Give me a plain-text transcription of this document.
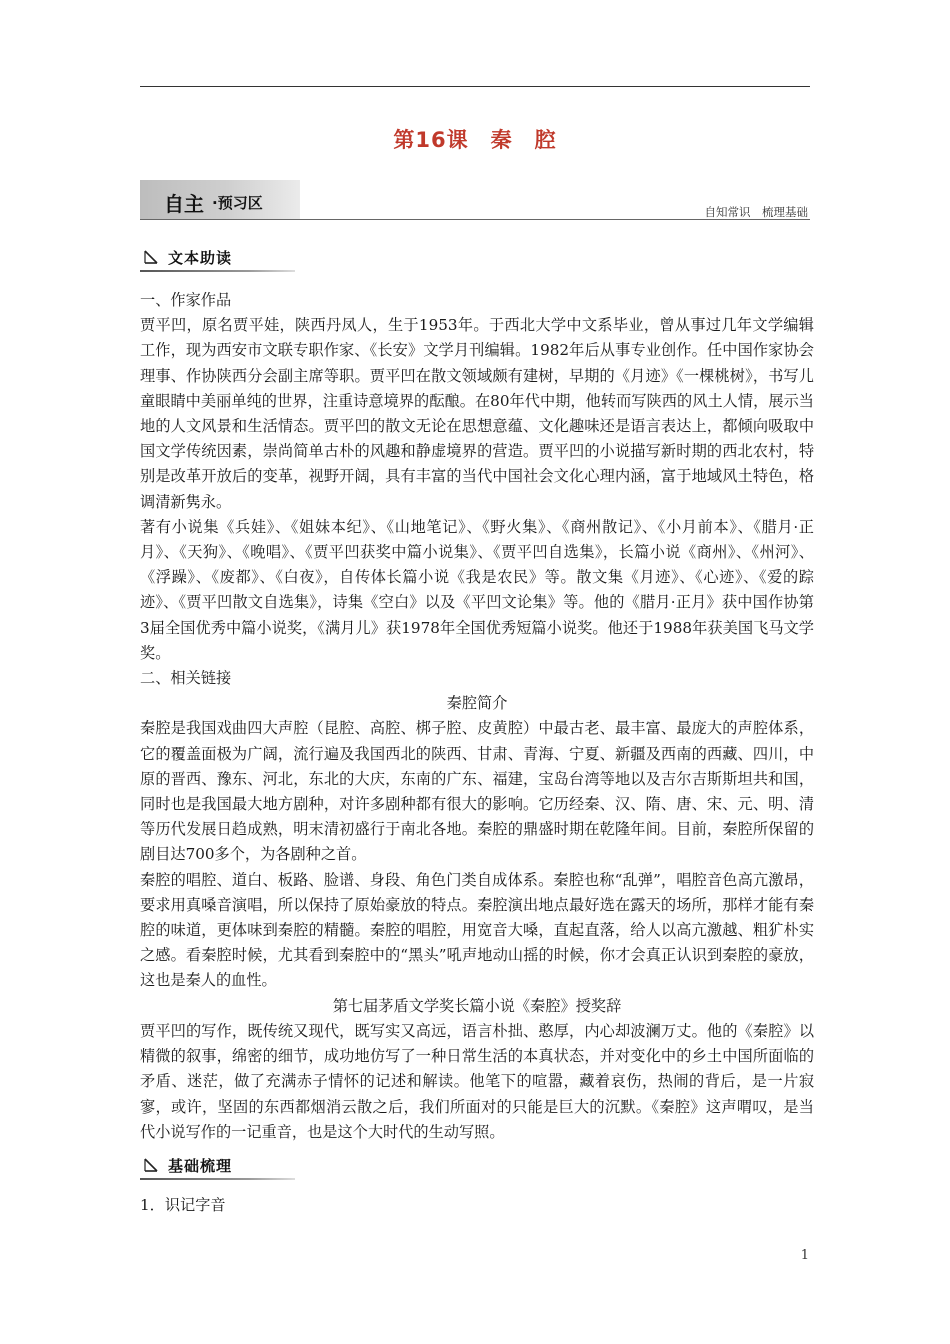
第16课　秦　腔
自主 ·预习区	自知常识　梳理基础
文本助读

一、作家作品

贾平凹，原名贾平娃，陕西丹凤人，生于1953年。于西北大学中文系毕业，曾从事过几年文学编辑工作，现为西安市文联专职作家、《长安》文学月刊编辑。1982年后从事专业创作。任中国作家协会理事、作协陕西分会副主席等职。贾平凹在散文领域颇有建树，早期的《月迹》《一棵桃树》，书写儿童眼睛中美丽单纯的世界，注重诗意境界的酝酿。在80年代中期，他转而写陕西的风土人情，展示当地的人文风景和生活情态。贾平凹的散文无论在思想意蕴、文化趣味还是语言表达上，都倾向吸取中国文学传统因素，崇尚简单古朴的风趣和静虚境界的营造。贾平凹的小说描写新时期的西北农村，特别是改革开放后的变革，视野开阔，具有丰富的当代中国社会文化心理内涵，富于地域风土特色，格调清新隽永。

著有小说集《兵娃》、《姐妹本纪》、《山地笔记》、《野火集》、《商州散记》、《小月前本》、《腊月·正月》、《天狗》、《晚唱》、《贾平凹获奖中篇小说集》、《贾平凹自选集》，长篇小说《商州》、《州河》、《浮躁》、《废都》、《白夜》，自传体长篇小说《我是农民》等。散文集《月迹》、《心迹》、《爱的踪迹》、《贾平凹散文自选集》，诗集《空白》以及《平凹文论集》等。他的《腊月·正月》获中国作协第3届全国优秀中篇小说奖，《满月儿》获1978年全国优秀短篇小说奖。他还于1988年获美国飞马文学奖。

二、相关链接

秦腔简介

秦腔是我国戏曲四大声腔（昆腔、高腔、梆子腔、皮黄腔）中最古老、最丰富、最庞大的声腔体系，它的覆盖面极为广阔，流行遍及我国西北的陕西、甘肃、青海、宁夏、新疆及西南的西藏、四川，中原的晋西、豫东、河北，东北的大庆，东南的广东、福建，宝岛台湾等地以及吉尔吉斯斯坦共和国，同时也是我国最大地方剧种，对许多剧种都有很大的影响。它历经秦、汉、隋、唐、宋、元、明、清等历代发展日趋成熟，明末清初盛行于南北各地。秦腔的鼎盛时期在乾隆年间。目前，秦腔所保留的剧目达700多个，为各剧种之首。

秦腔的唱腔、道白、板路、脸谱、身段、角色门类自成体系。秦腔也称“乱弹”，唱腔音色高亢激昂，要求用真嗓音演唱，所以保持了原始豪放的特点。秦腔演出地点最好选在露天的场所，那样才能有秦腔的味道，更体味到秦腔的精髓。秦腔的唱腔，用宽音大嗓，直起直落，给人以高亢激越、粗犷朴实之感。看秦腔时候，尤其看到秦腔中的“黑头”吼声地动山摇的时候，你才会真正认识到秦腔的豪放，这也是秦人的血性。

第七届茅盾文学奖长篇小说《秦腔》授奖辞

贾平凹的写作，既传统又现代，既写实又高远，语言朴拙、憨厚，内心却波澜万丈。他的《秦腔》以精微的叙事，绵密的细节，成功地仿写了一种日常生活的本真状态，并对变化中的乡土中国所面临的矛盾、迷茫，做了充满赤子情怀的记述和解读。他笔下的喧嚣，藏着哀伤，热闹的背后，是一片寂寥，或许，坚固的东西都烟消云散之后，我们所面对的只能是巨大的沉默。《秦腔》这声喟叹，是当代小说写作的一记重音，也是这个大时代的生动写照。

基础梳理
1．识记字音
1
